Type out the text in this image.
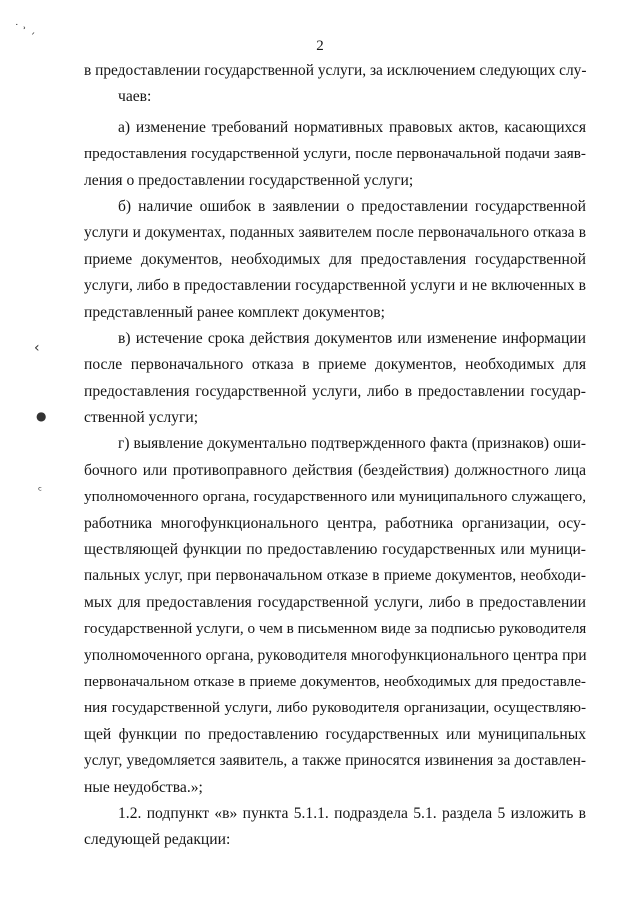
2
˙ ˒ ˏ
‹
●
ᶜ
в предоставлении государственной услуги, за исключением следующих слу-
чаев:
а) изменение требований нормативных правовых актов, касающихся
предоставления государственной услуги, после первоначальной подачи заяв-
ления о предоставлении государственной услуги;
б) наличие ошибок в заявлении о предоставлении государственной
услуги и документах, поданных заявителем после первоначального отказа в
приеме документов, необходимых для предоставления государственной
услуги, либо в предоставлении государственной услуги и не включенных в
представленный ранее комплект документов;
в) истечение срока действия документов или изменение информации
после первоначального отказа в приеме документов, необходимых для
предоставления государственной услуги, либо в предоставлении государ-
ственной услуги;
г) выявление документально подтвержденного факта (признаков) оши-
бочного или противоправного действия (бездействия) должностного лица
уполномоченного органа, государственного или муниципального служащего,
работника многофункционального центра, работника организации, осу-
ществляющей функции по предоставлению государственных или муници-
пальных услуг, при первоначальном отказе в приеме документов, необходи-
мых для предоставления государственной услуги, либо в предоставлении
государственной услуги, о чем в письменном виде за подписью руководителя
уполномоченного органа, руководителя многофункционального центра при
первоначальном отказе в приеме документов, необходимых для предоставле-
ния государственной услуги, либо руководителя организации, осуществляю-
щей функции по предоставлению государственных или муниципальных
услуг, уведомляется заявитель, а также приносятся извинения за доставлен-
ные неудобства.»;
1.2. подпункт «в» пункта 5.1.1. подраздела 5.1. раздела 5 изложить в
следующей редакции:
